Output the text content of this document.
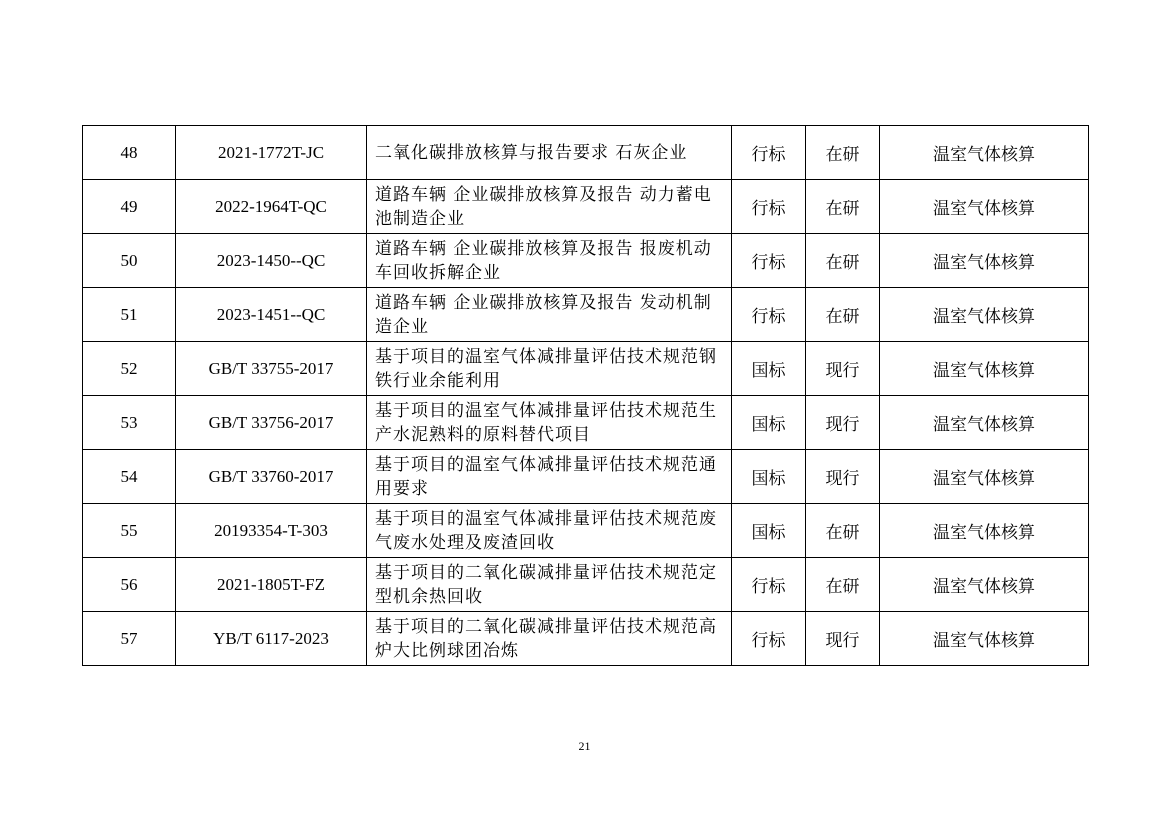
48	2021-1772T-JC	二氧化碳排放核算与报告要求 石灰企业	行标	在研	温室气体核算
49	2022-1964T-QC	道路车辆 企业碳排放核算及报告 动力蓄电池制造企业	行标	在研	温室气体核算
50	2023-1450--QC	道路车辆 企业碳排放核算及报告 报废机动车回收拆解企业	行标	在研	温室气体核算
51	2023-1451--QC	道路车辆 企业碳排放核算及报告 发动机制造企业	行标	在研	温室气体核算
52	GB/T 33755-2017	基于项目的温室气体减排量评估技术规范钢铁行业余能利用	国标	现行	温室气体核算
53	GB/T 33756-2017	基于项目的温室气体减排量评估技术规范生产水泥熟料的原料替代项目	国标	现行	温室气体核算
54	GB/T 33760-2017	基于项目的温室气体减排量评估技术规范通用要求	国标	现行	温室气体核算
55	20193354-T-303	基于项目的温室气体减排量评估技术规范废气废水处理及废渣回收	国标	在研	温室气体核算
56	2021-1805T-FZ	基于项目的二氧化碳减排量评估技术规范定型机余热回收	行标	在研	温室气体核算
57	YB/T 6117-2023	基于项目的二氧化碳减排量评估技术规范高炉大比例球团冶炼	行标	现行	温室气体核算
21
